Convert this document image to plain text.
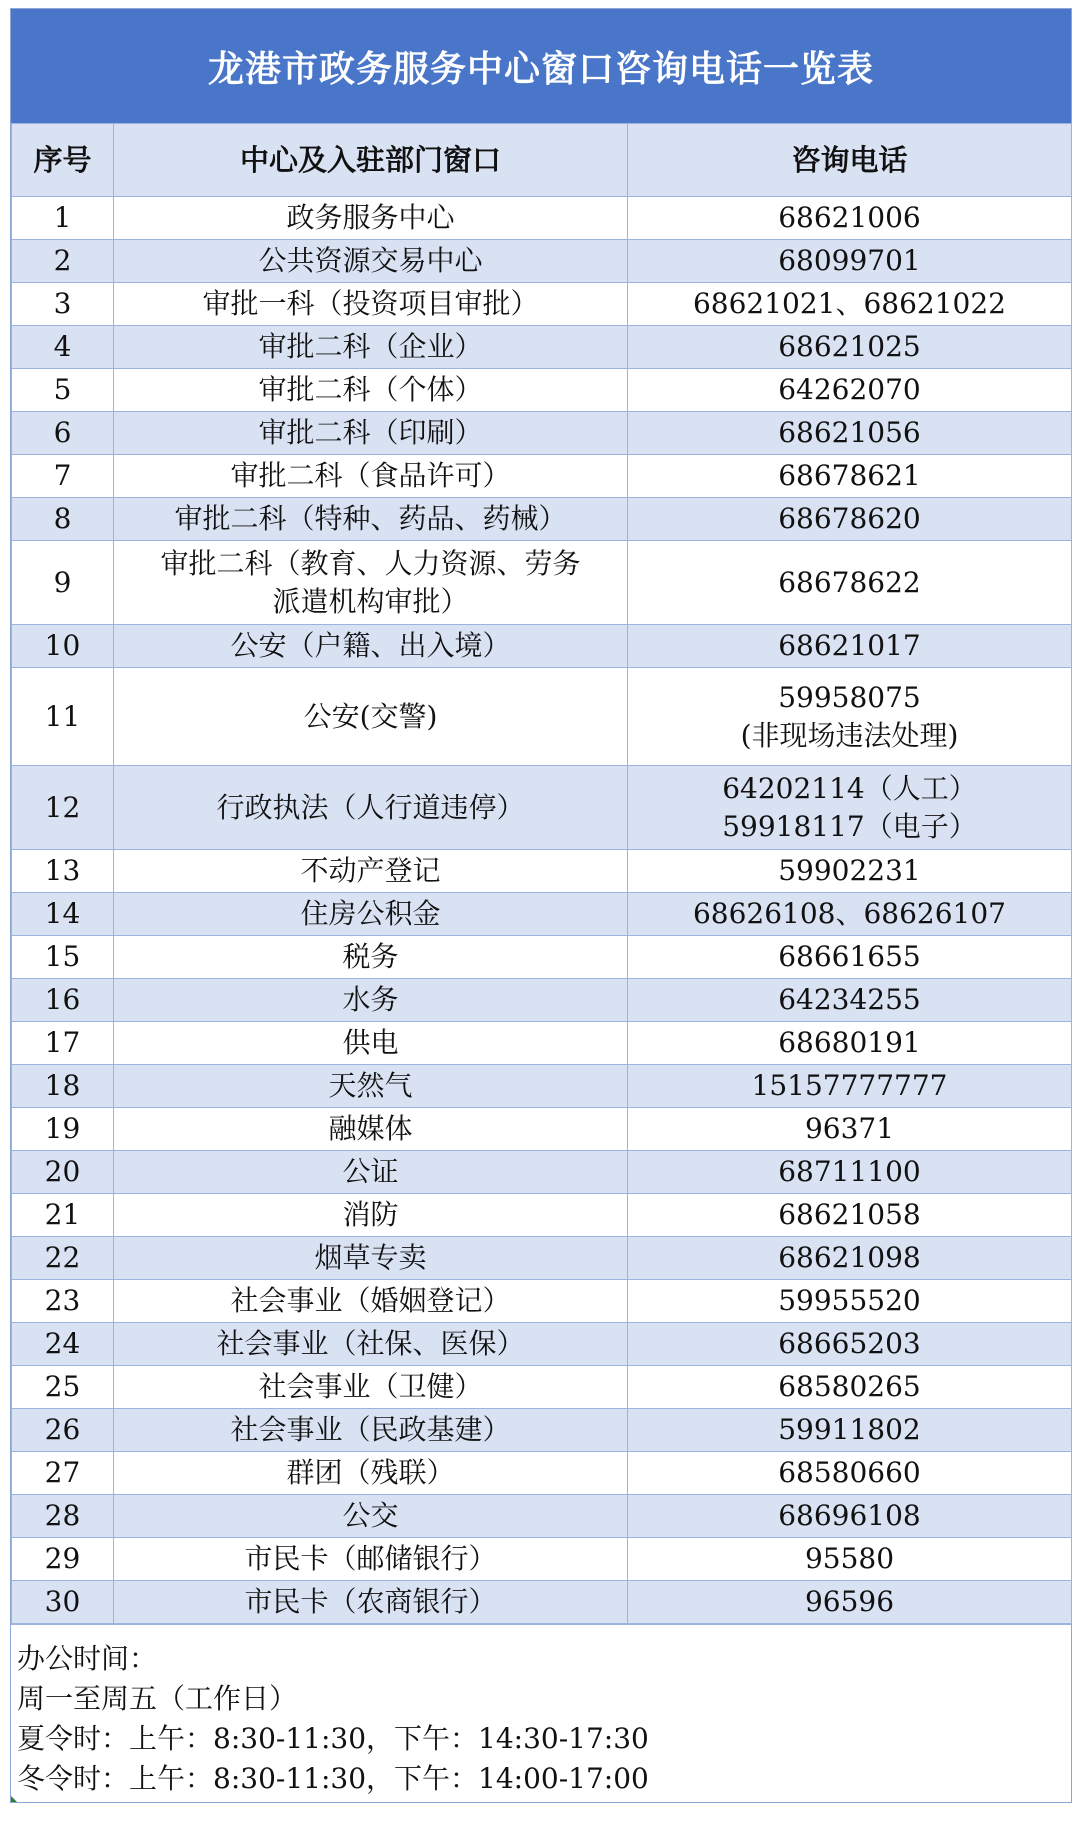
龙港市政务服务中心窗口咨询电话一览表
序号	中心及入驻部门窗口	咨询电话
1	政务服务中心	68621006

2	公共资源交易中心	68099701

3	审批一科（投资项目审批）	68621021、68621022

4	审批二科（企业）	68621025

5	审批二科（个体）	64262070

6	审批二科（印刷）	68621056

7	审批二科（食品许可）	68678621

8	审批二科（特种、药品、药械）	68678620

9	审批二科（教育、人力资源、劳务
派遣机构审批）	68678622

10	公安（户籍、出入境）	68621017

11	公安(交警)	59958075
(非现场违法处理)

12	行政执法（人行道违停）	64202114（人工）
59918117（电子）

13	不动产登记	59902231

14	住房公积金	68626108、68626107

15	税务	68661655

16	水务	64234255

17	供电	68680191

18	天然气	15157777777

19	融媒体	96371

20	公证	68711100

21	消防	68621058

22	烟草专卖	68621098

23	社会事业（婚姻登记）	59955520

24	社会事业（社保、医保）	68665203

25	社会事业（卫健）	68580265

26	社会事业（民政基建）	59911802

27	群团（残联）	68580660

28	公交	68696108

29	市民卡（邮储银行）	95580

30	市民卡（农商银行）	96596
办公时间：
周一至周五（工作日）
夏令时：上午：8:30-11:30，下午：14:30-17:30
冬令时：上午：8:30-11:30，下午：14:00-17:00
